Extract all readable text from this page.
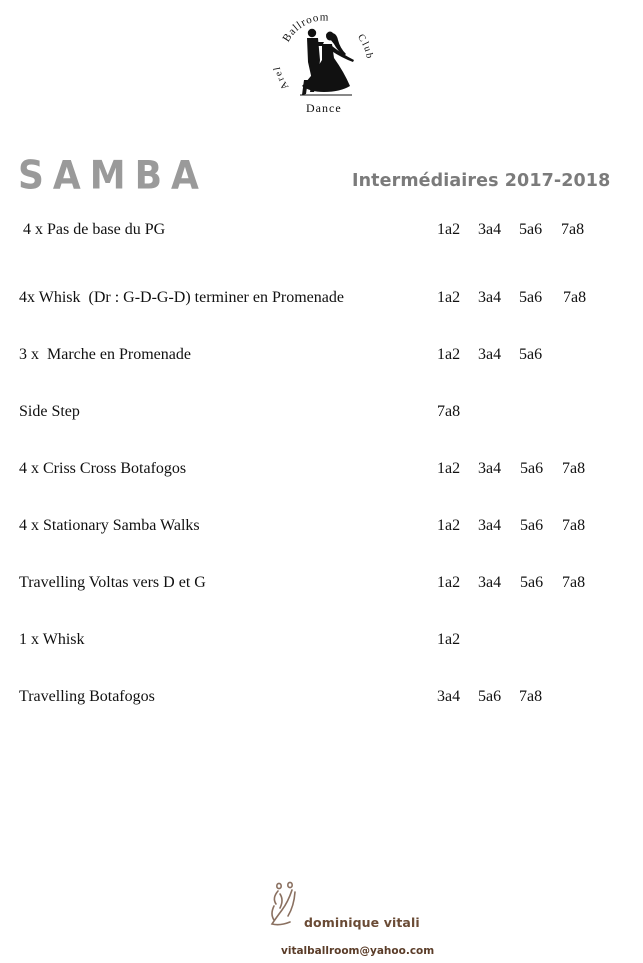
Ballroom
Arel
Club
Dance
SAMBA	Intermédiaires 2017-2018
4 x Pas de base du PG	1a2 3a4 5a6 7a8
4x Whisk  (Dr : G-D-G-D) terminer en Promenade	1a2 3a4 5a6 7a8
3 x  Marche en Promenade	1a2 3a4 5a6
Side Step	7a8
4 x Criss Cross Botafogos	1a2 3a4 5a6 7a8
4 x Stationary Samba Walks	1a2 3a4 5a6 7a8
Travelling Voltas vers D et G	1a2 3a4 5a6 7a8
1 x Whisk	1a2
Travelling Botafogos	3a4 5a6 7a8
dominique vitali
vitalballroom@yahoo.com
